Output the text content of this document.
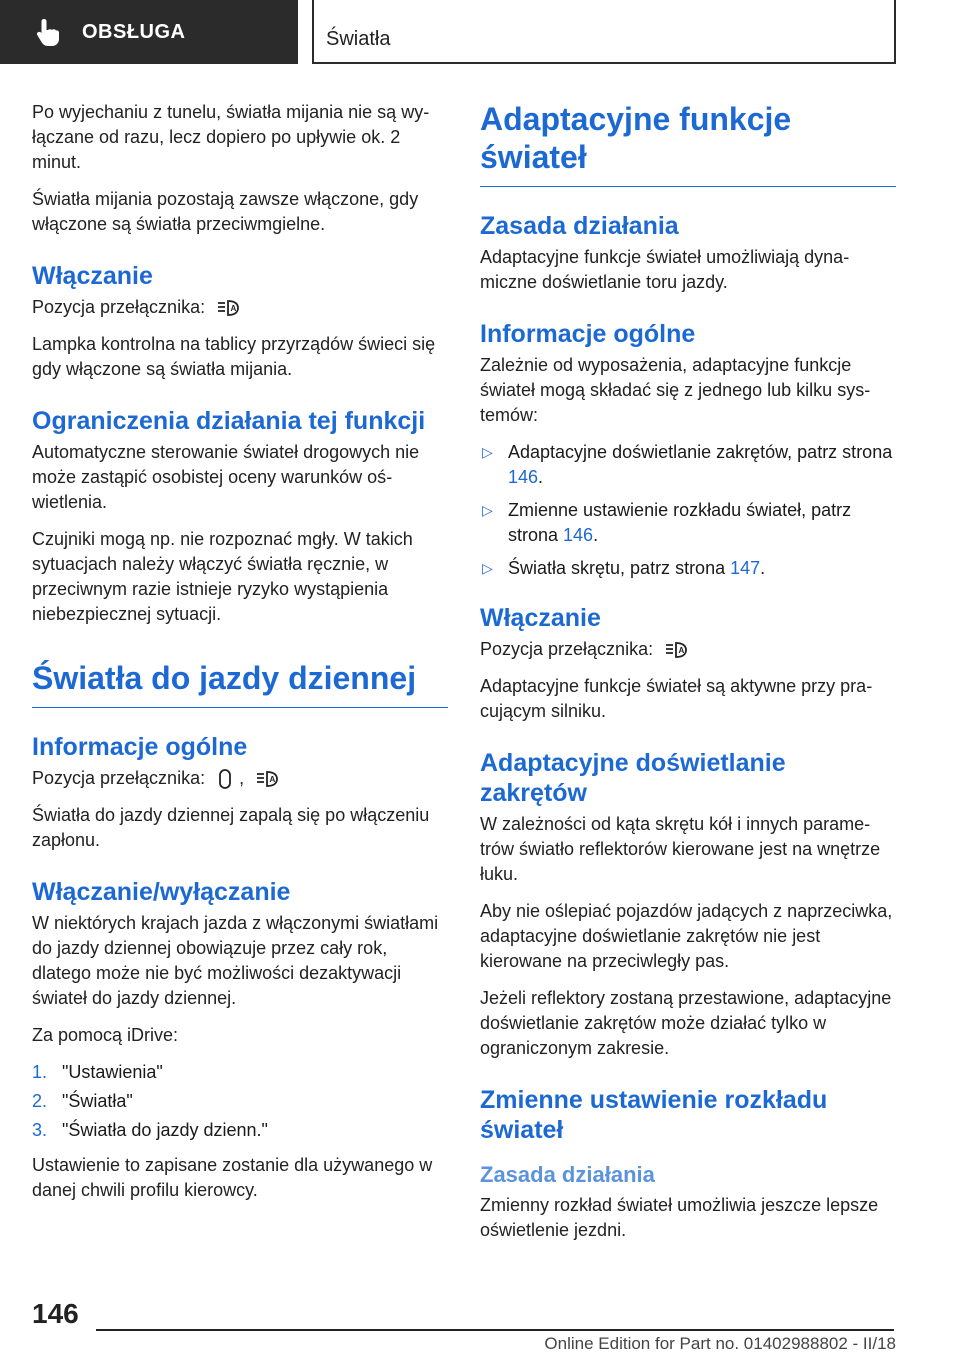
OBSŁUGA	Światła

Po wyjechaniu z tunelu, światła mijania nie są wyłączane od razu, lecz dopiero po upływie ok. 2 minut.

Światła mijania pozostają zawsze włączone, gdy włączone są światła przeciwmgielne.

Włączanie

Pozycja przełącznika:	A

Lampka kontrolna na tablicy przyrządów świeci się gdy włączone są światła mijania.

Ograniczenia działania tej funkcji

Automatyczne sterowanie świateł drogowych nie może zastąpić osobistej oceny warunków oświetlenia.

Czujniki mogą np. nie rozpoznać mgły. W takich sytuacjach należy włączyć światła ręcznie, w przeciwnym razie istnieje ryzyko wystąpienia niebezpiecznej sytuacji.

Światła do jazdy dziennej
Informacje ogólne

Pozycja przełącznika: ,	A

Światła do jazdy dziennej zapalą się po włączeniu zapłonu.

Włączanie/wyłączanie

W niektórych krajach jazda z włączonymi światłami do jazdy dziennej obowiązuje przez cały rok, dlatego może nie być możliwości dezaktywacji świateł do jazdy dziennej.

Za pomocą iDrive:

1. "Ustawienia"
2. "Światła"
3. "Światła do jazdy dzienn."

Ustawienie to zapisane zostanie dla używanego w danej chwili profilu kierowcy.

Adaptacyjne funkcje świateł
Zasada działania

Adaptacyjne funkcje świateł umożliwiają dynamiczne doświetlanie toru jazdy.

Informacje ogólne

Zależnie od wyposażenia, adaptacyjne funkcje świateł mogą składać się z jednego lub kilku systemów:

▷ Adaptacyjne doświetlanie zakrętów, patrz strona 146.
▷ Zmienne ustawienie rozkładu świateł, patrz strona 146.
▷ Światła skrętu, patrz strona 147.
Włączanie

Pozycja przełącznika:	A

Adaptacyjne funkcje świateł są aktywne przy pracującym silniku.

Adaptacyjne doświetlanie zakrętów

W zależności od kąta skrętu kół i innych parametrów światło reflektorów kierowane jest na wnętrze łuku.

Aby nie oślepiać pojazdów jadących z naprzeciwka, adaptacyjne doświetlanie zakrętów nie jest kierowane na przeciwległy pas.

Jeżeli reflektory zostaną przestawione, adaptacyjne doświetlanie zakrętów może działać tylko w ograniczonym zakresie.

Zmienne ustawienie rozkładu świateł
Zasada działania

Zmienny rozkład świateł umożliwia jeszcze lepsze oświetlenie jezdni.

146
Online Edition for Part no. 01402988802 - II/18
